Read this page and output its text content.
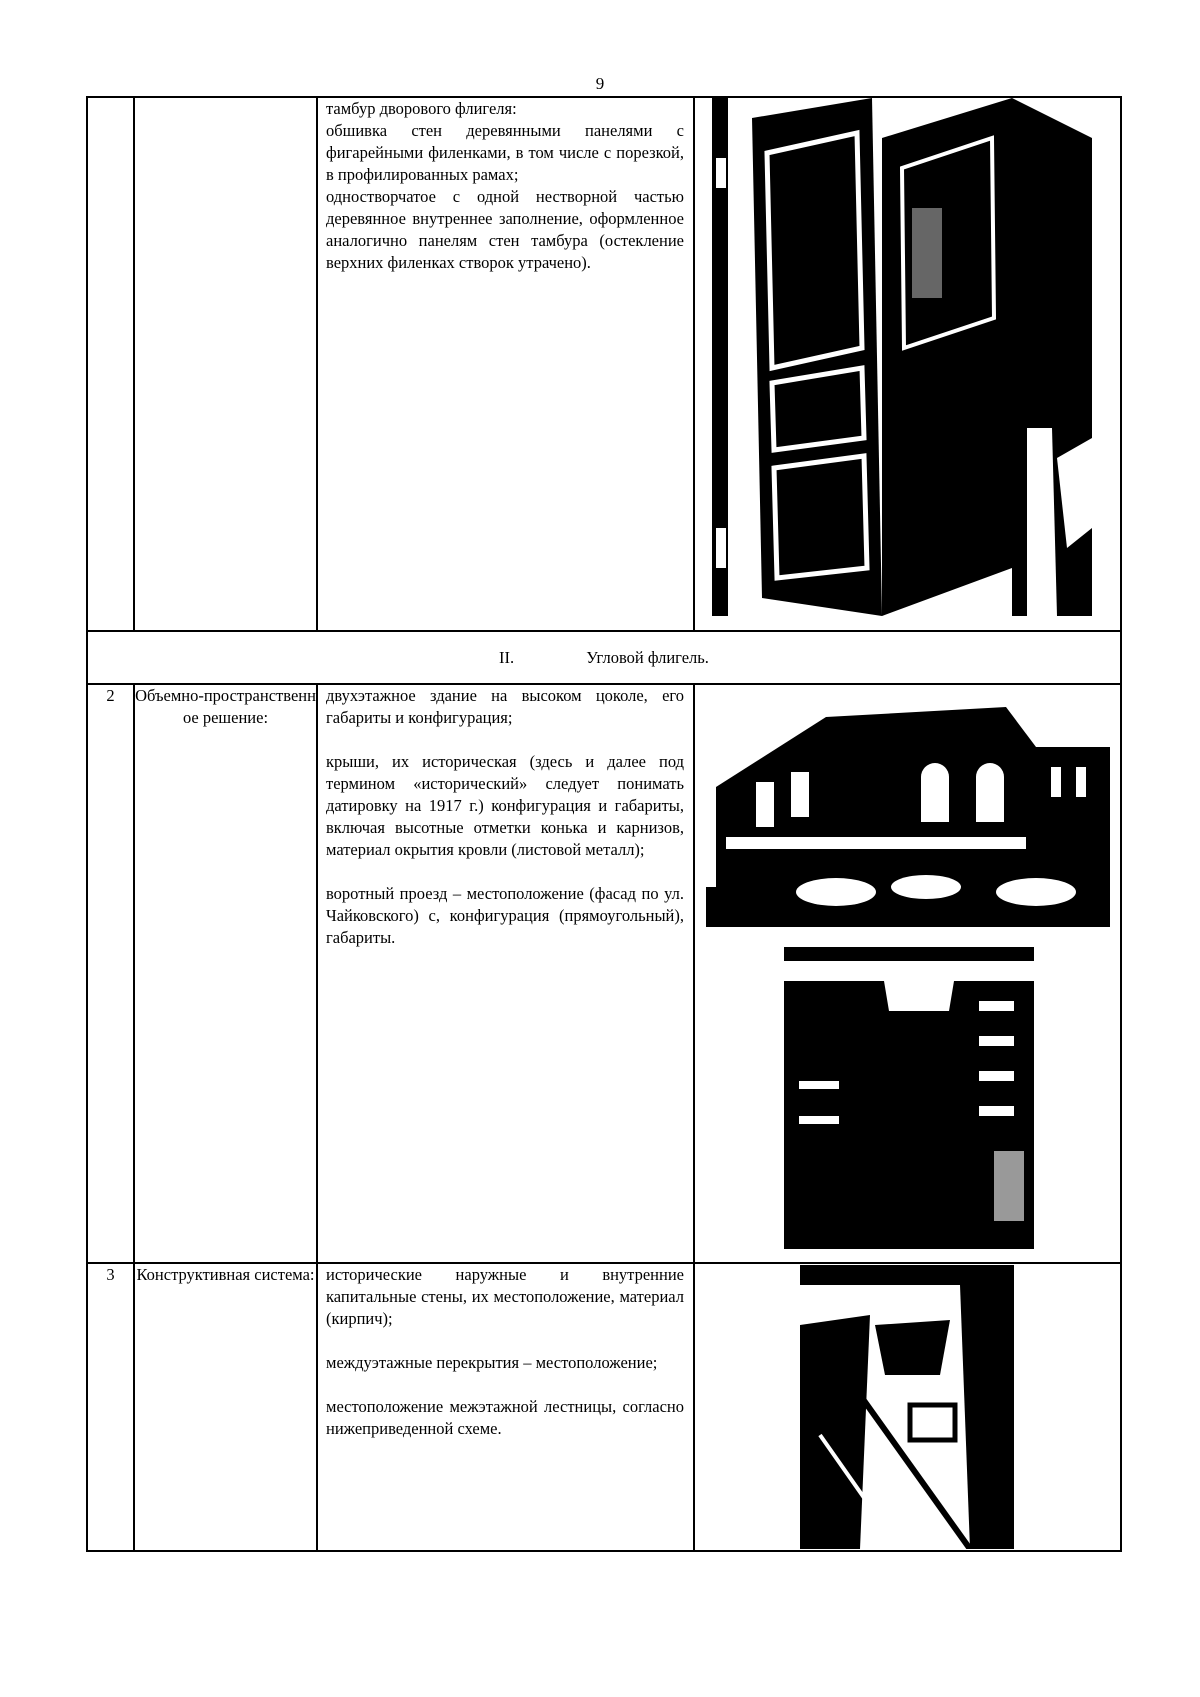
9

тамбур дворового флигеля:

обшивка стен деревянными панелями с фигарейными филенками, в том числе с порезкой, в профилированных рамах;

одностворчатое с одной нестворной частью деревянное внутреннее заполнение, оформленное аналогично панелям стен тамбура (остекление верхних филенках створок утрачено).

II.	Угловой флигель.
2	Объемно-пространственное решение:

двухэтажное здание на высоком цоколе, его габариты и конфигурация;

крыши, их историческая (здесь и далее под термином «исторический» следует понимать датировку на 1917 г.) конфигурация и габариты, включая высотные отметки конька и карнизов, материал окрытия кровли (листовой металл);

воротный проезд – местоположение (фасад по ул. Чайковского) с, конфигурация (прямоугольный), габариты.

3	Конструктивная система: исторические наружные и внутренние капитальные стены, их местоположение, материал (кирпич);

междуэтажные перекрытия – местоположение;

местоположение межэтажной лестницы, согласно нижеприведенной схеме.
